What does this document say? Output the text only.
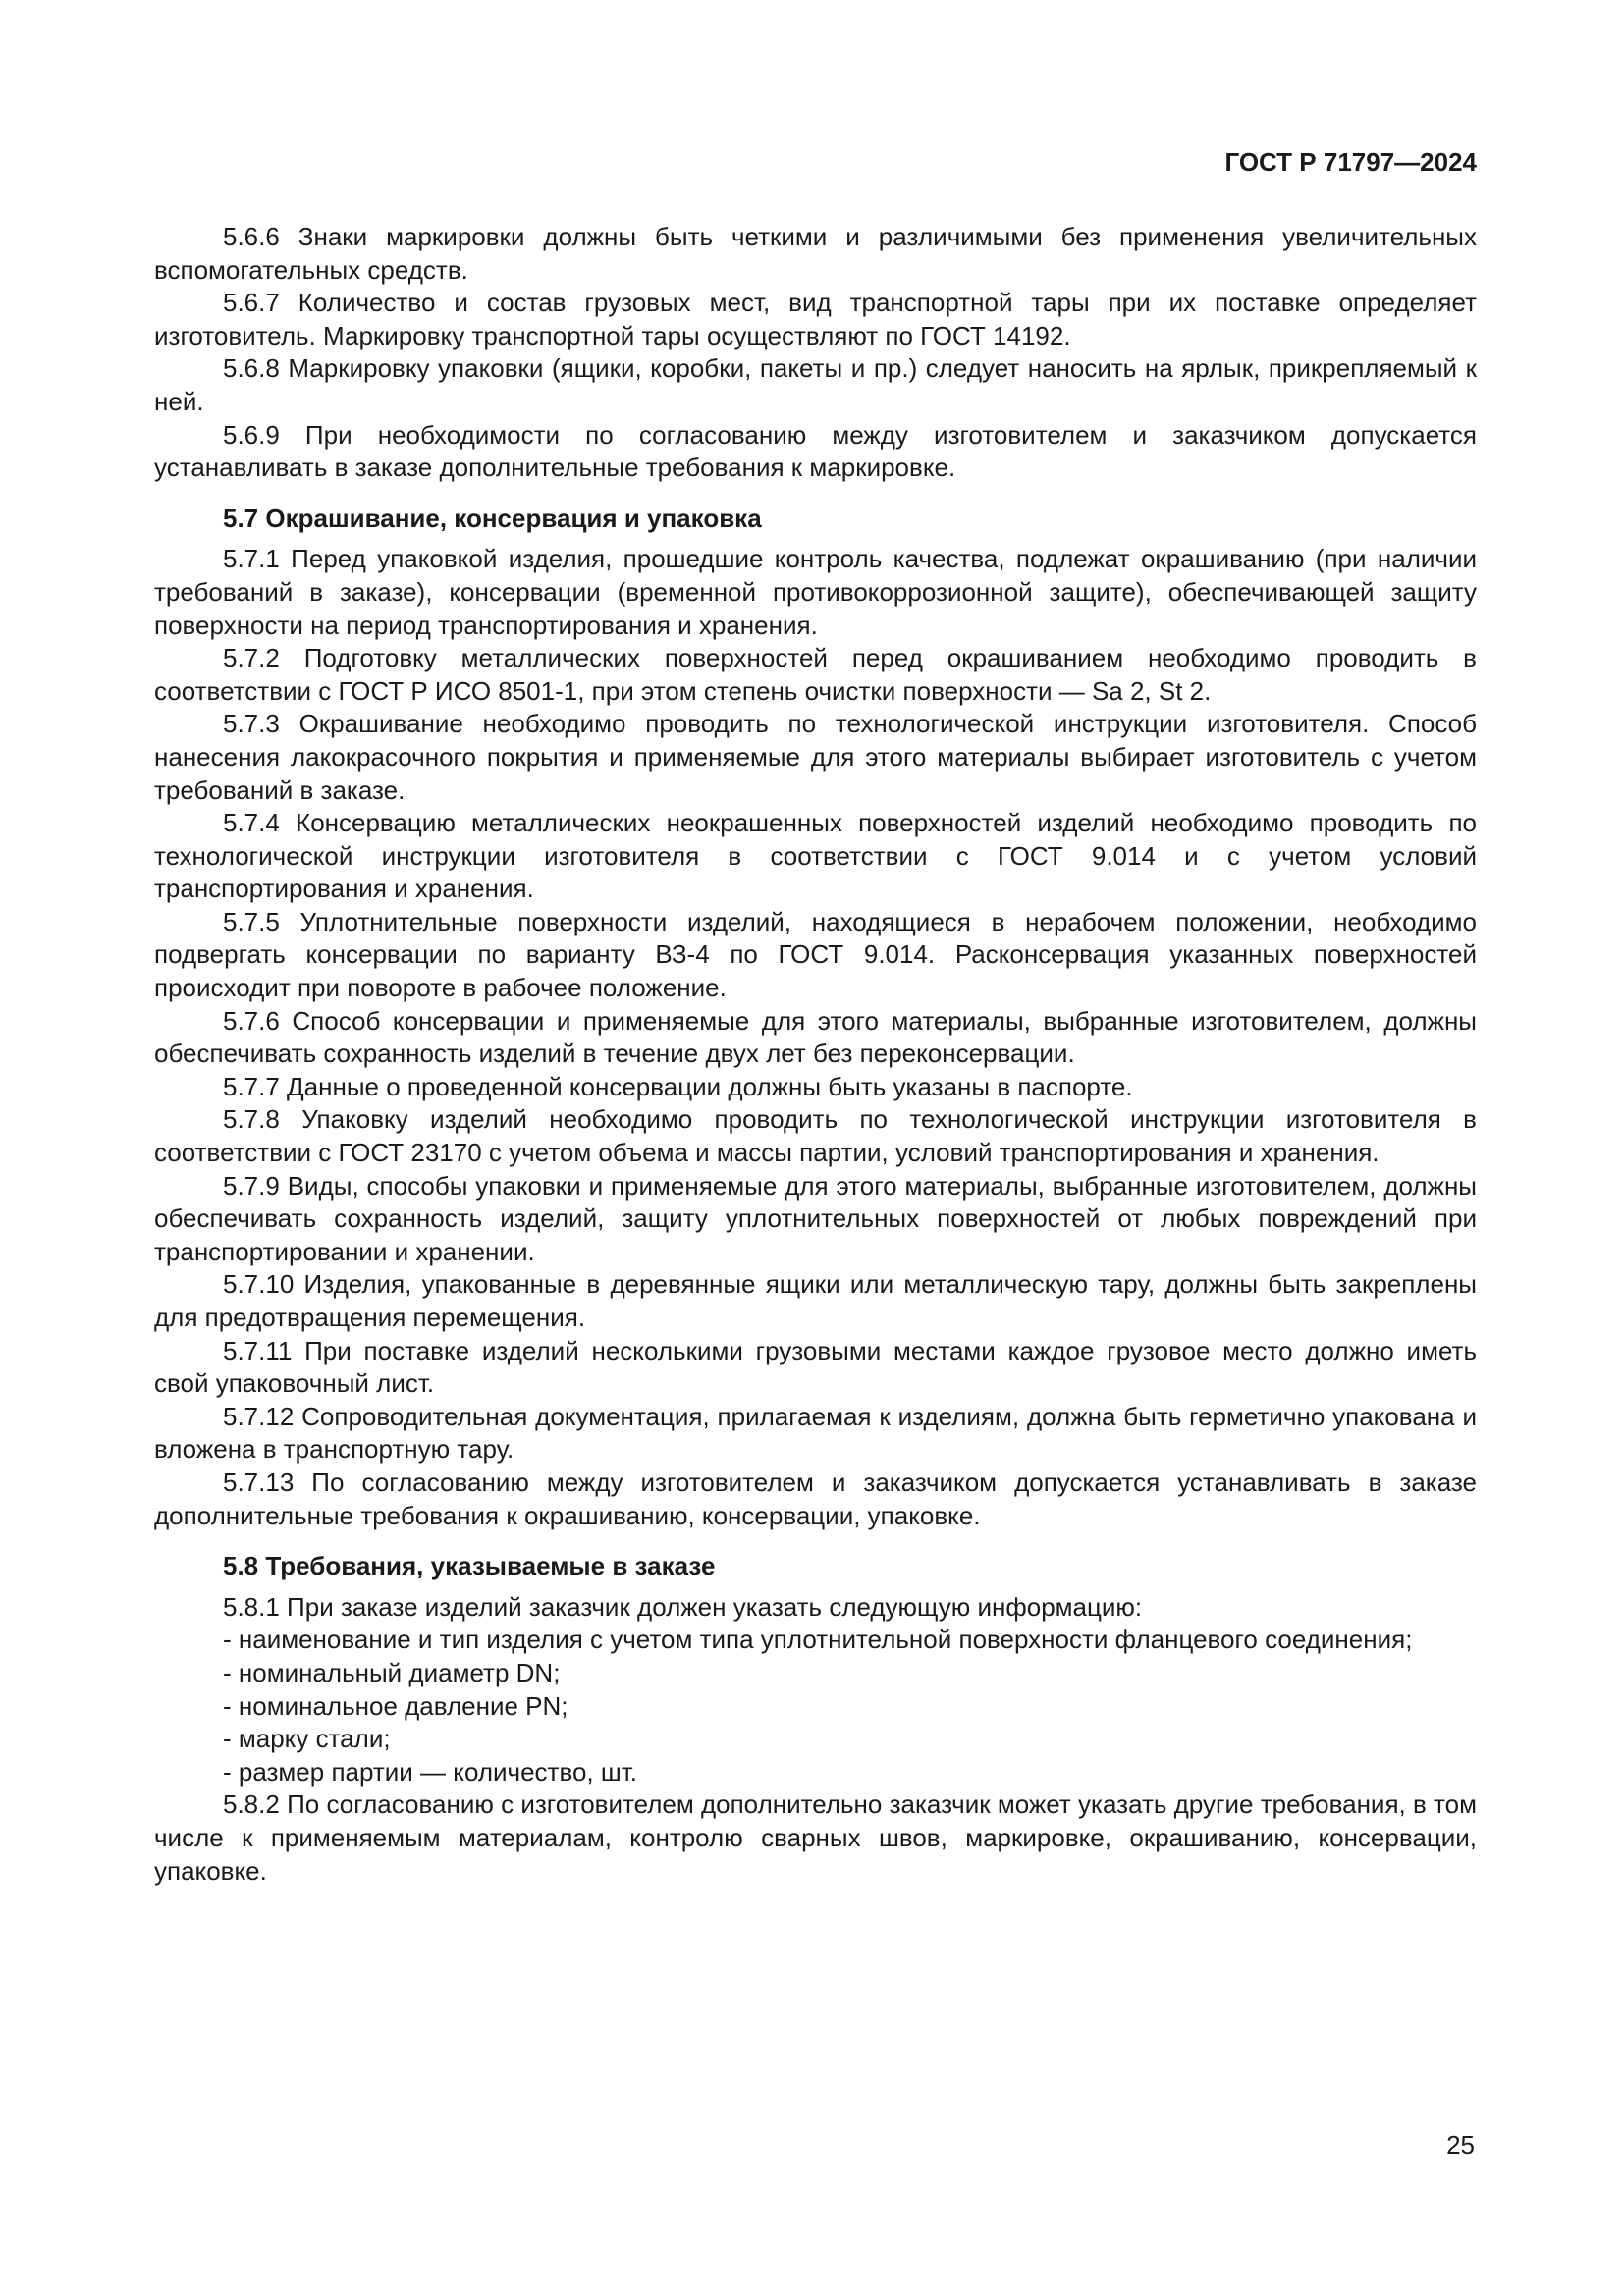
ГОСТ Р 71797—2024

5.6.6 Знаки маркировки должны быть четкими и различимыми без применения увеличительных вспомогательных средств.

5.6.7 Количество и состав грузовых мест, вид транспортной тары при их поставке определяет изготовитель. Маркировку транспортной тары осуществляют по ГОСТ 14192.

5.6.8 Маркировку упаковки (ящики, коробки, пакеты и пр.) следует наносить на ярлык, прикрепляемый к ней.

5.6.9 При необходимости по согласованию между изготовителем и заказчиком допускается устанавливать в заказе дополнительные требования к маркировке.

5.7 Окрашивание, консервация и упаковка

5.7.1 Перед упаковкой изделия, прошедшие контроль качества, подлежат окрашиванию (при наличии требований в заказе), консервации (временной противокоррозионной защите), обеспечивающей защиту поверхности на период транспортирования и хранения.

5.7.2 Подготовку металлических поверхностей перед окрашиванием необходимо проводить в соответствии с ГОСТ Р ИСО 8501-1, при этом степень очистки поверхности — Sa 2, St 2.

5.7.3 Окрашивание необходимо проводить по технологической инструкции изготовителя. Способ нанесения лакокрасочного покрытия и применяемые для этого материалы выбирает изготовитель с учетом требований в заказе.

5.7.4 Консервацию металлических неокрашенных поверхностей изделий необходимо проводить по технологической инструкции изготовителя в соответствии с ГОСТ 9.014 и с учетом условий транспортирования и хранения.

5.7.5 Уплотнительные поверхности изделий, находящиеся в нерабочем положении, необходимо подвергать консервации по варианту ВЗ-4 по ГОСТ 9.014. Расконсервация указанных поверхностей происходит при повороте в рабочее положение.

5.7.6 Способ консервации и применяемые для этого материалы, выбранные изготовителем, должны обеспечивать сохранность изделий в течение двух лет без переконсервации.

5.7.7 Данные о проведенной консервации должны быть указаны в паспорте.

5.7.8 Упаковку изделий необходимо проводить по технологической инструкции изготовителя в соответствии с ГОСТ 23170 с учетом объема и массы партии, условий транспортирования и хранения.

5.7.9 Виды, способы упаковки и применяемые для этого материалы, выбранные изготовителем, должны обеспечивать сохранность изделий, защиту уплотнительных поверхностей от любых повреждений при транспортировании и хранении.

5.7.10 Изделия, упакованные в деревянные ящики или металлическую тару, должны быть закреплены для предотвращения перемещения.

5.7.11 При поставке изделий несколькими грузовыми местами каждое грузовое место должно иметь свой упаковочный лист.

5.7.12 Сопроводительная документация, прилагаемая к изделиям, должна быть герметично упакована и вложена в транспортную тару.

5.7.13 По согласованию между изготовителем и заказчиком допускается устанавливать в заказе дополнительные требования к окрашиванию, консервации, упаковке.

5.8 Требования, указываемые в заказе

5.8.1 При заказе изделий заказчик должен указать следующую информацию:

- наименование и тип изделия с учетом типа уплотнительной поверхности фланцевого соединения;

- номинальный диаметр DN;

- номинальное давление PN;

- марку стали;

- размер партии — количество, шт.

5.8.2 По согласованию с изготовителем дополнительно заказчик может указать другие требования, в том числе к применяемым материалам, контролю сварных швов, маркировке, окрашиванию, консервации, упаковке.

25
